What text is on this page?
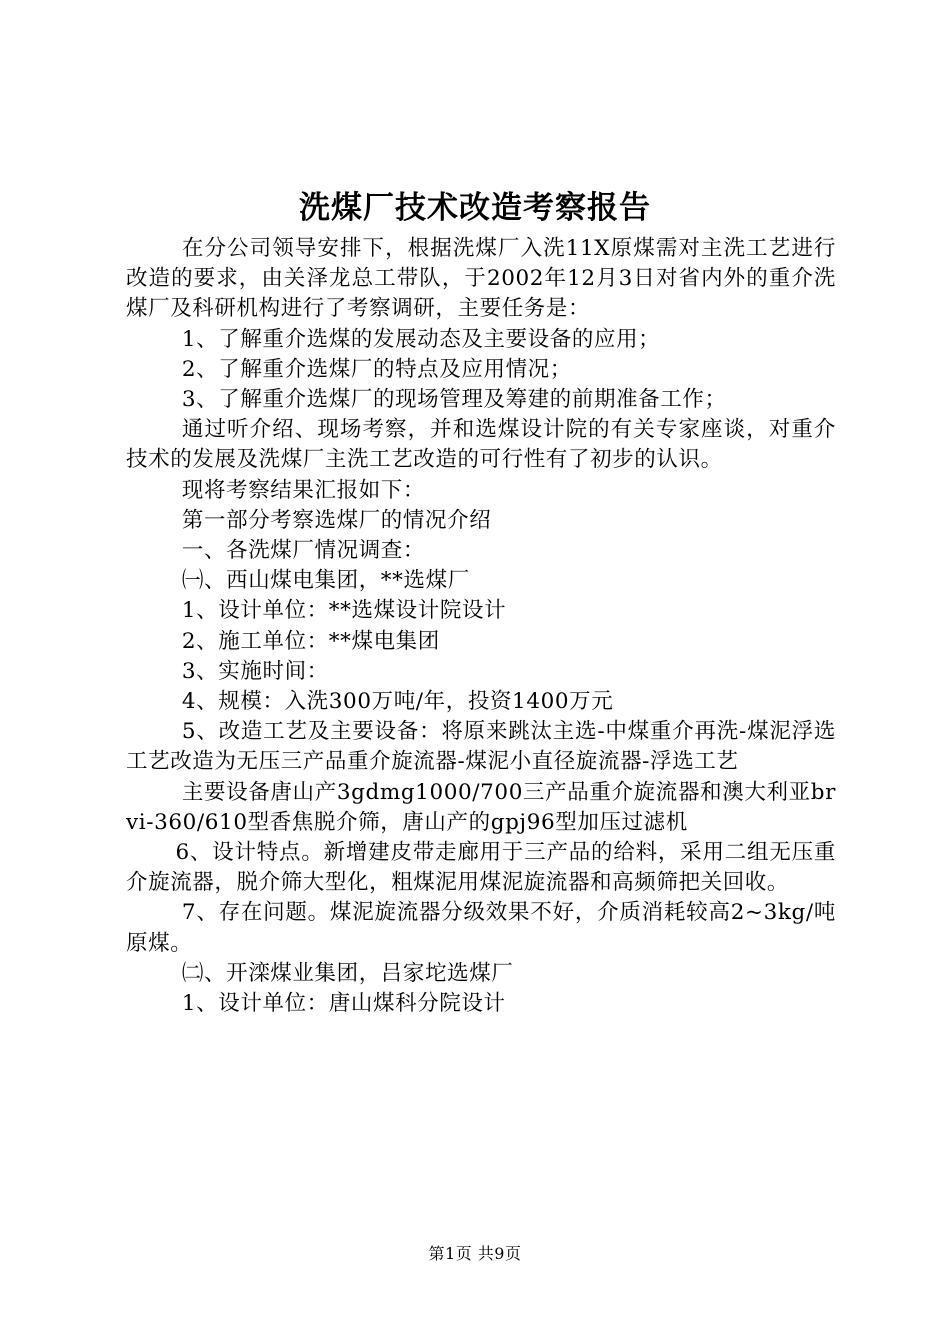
洗煤厂技术改造考察报告

在分公司领导安排下，根据洗煤厂入洗11X原煤需对主洗工艺进行改造的要求，由关泽龙总工带队，于2002年12月3日对省内外的重介洗煤厂及科研机构进行了考察调研，主要任务是：

1、了解重介选煤的发展动态及主要设备的应用；

2、了解重介选煤厂的特点及应用情况；

3、了解重介选煤厂的现场管理及筹建的前期准备工作；

通过听介绍、现场考察，并和选煤设计院的有关专家座谈，对重介技术的发展及洗煤厂主洗工艺改造的可行性有了初步的认识。

现将考察结果汇报如下：

第一部分考察选煤厂的情况介绍

一、各洗煤厂情况调查：

㈠、西山煤电集团，**选煤厂

1、设计单位：**选煤设计院设计

2、施工单位：**煤电集团

3、实施时间：

4、规模：入洗300万吨/年，投资1400万元

5、改造工艺及主要设备：将原来跳汰主选-中煤重介再洗-煤泥浮选工艺改造为无压三产品重介旋流器-煤泥小直径旋流器-浮选工艺

主要设备唐山产3gdmg1000/700三产品重介旋流器和澳大利亚brvi-360/610型香焦脱介筛，唐山产的gpj96型加压过滤机

6、设计特点。新增建皮带走廊用于三产品的给料，采用二组无压重介旋流器，脱介筛大型化，粗煤泥用煤泥旋流器和高频筛把关回收。

7、存在问题。煤泥旋流器分级效果不好，介质消耗较高2~3kg/吨原煤。

㈡、开滦煤业集团，吕家坨选煤厂

1、设计单位：唐山煤科分院设计

第1页 共9页
